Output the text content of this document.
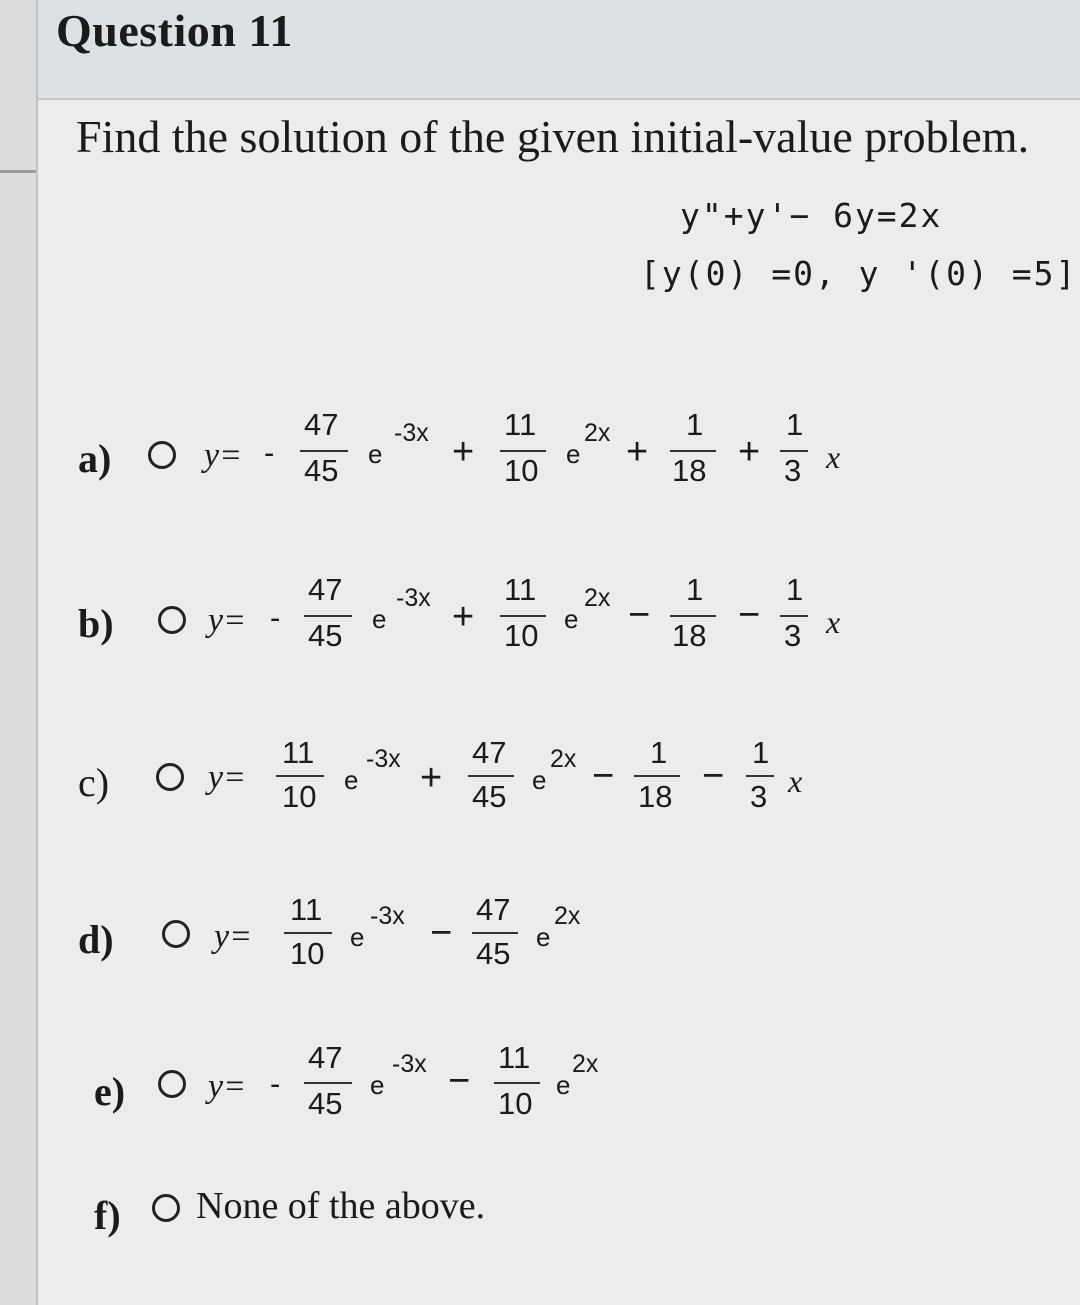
Question 11
Find the solution of the given initial-value problem.
y"+y'− 6y=2x
[y(0) =0, y '(0) =5]
a)	y= -
47
45 e
-3x +
11
10 e
2x +
1
18 +
1
3 x
b)	y= -
47
45 e
-3x +
11
10 e
2x −
1
18 −
1
3 x
c)	y=
11
10 e
-3x +
47
45 e
2x −
1
18 −
1
3 x
d)	y=
11
10 e
-3x −
47
45 e
2x
e) y= -
47
45
e
-3x −
11
10
e
2x
f) None of the above.
